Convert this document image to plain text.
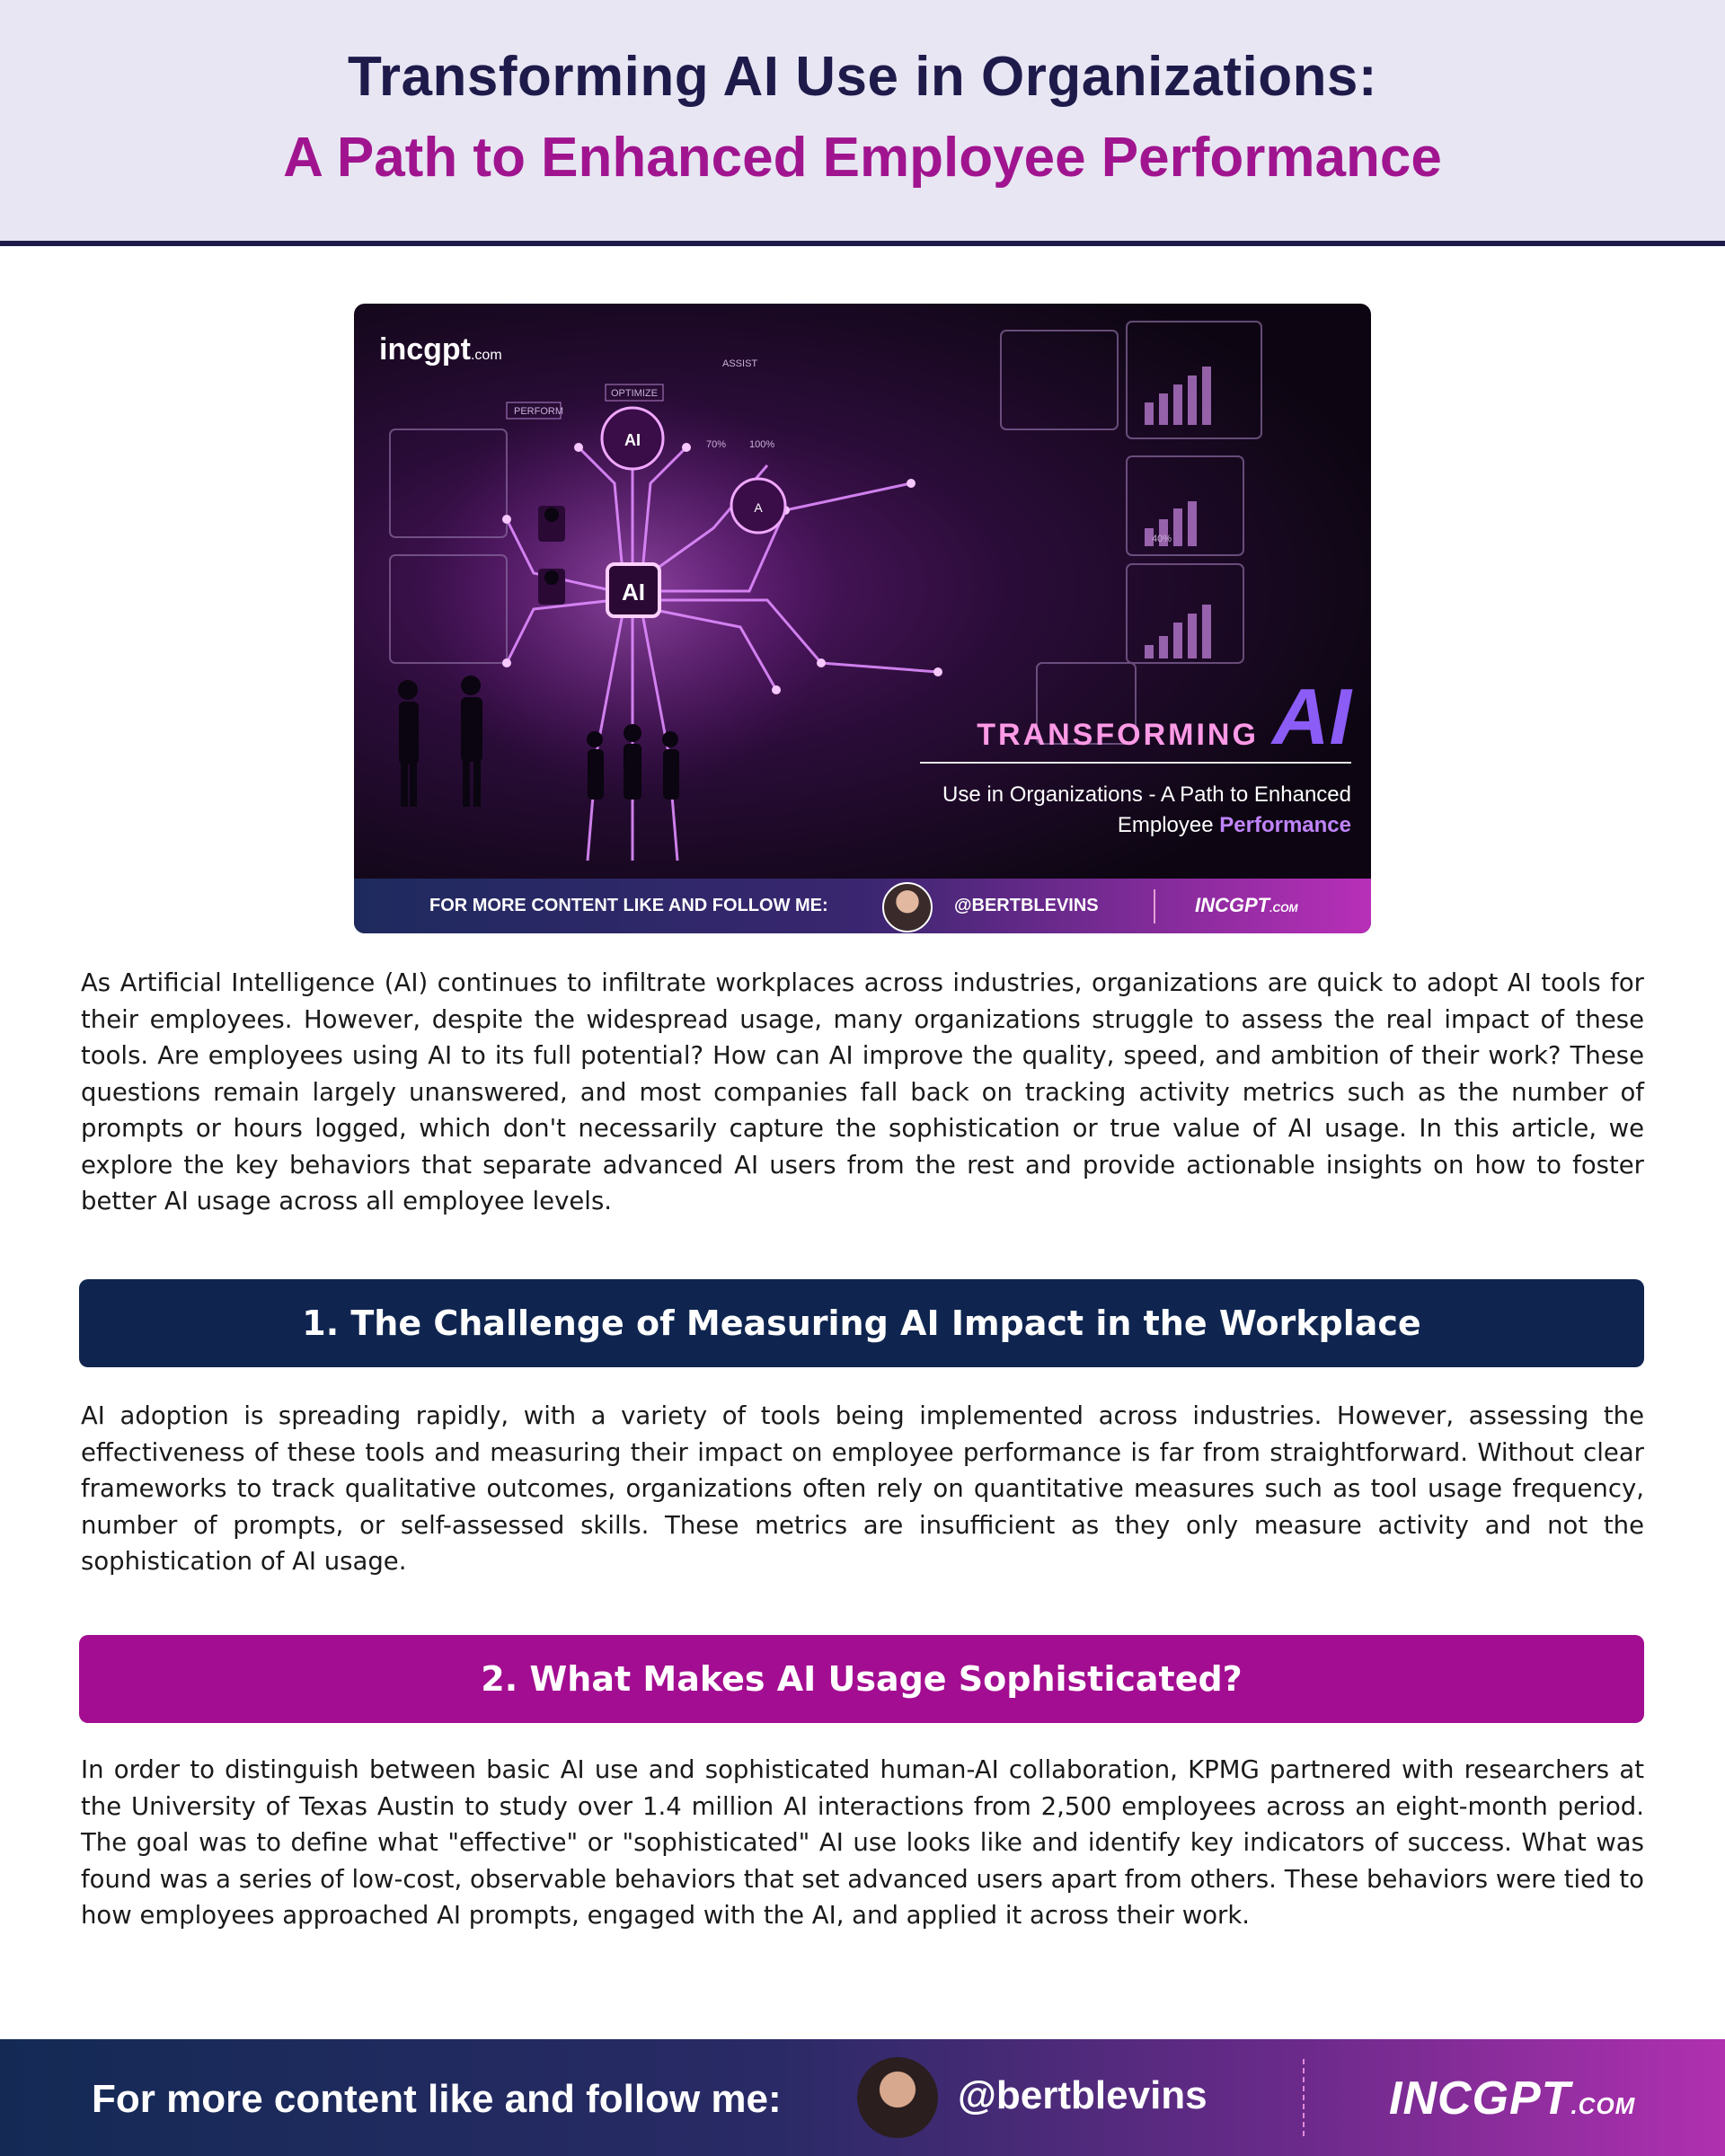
Transforming AI Use in Organizations:
A Path to Enhanced Employee Performance
AI
AI
A
PERFORM
OPTIMIZE
40%
70% 100%
ASSIST
incgpt.com
TRANSFORMING AI
Use in Organizations - A Path to Enhanced
Employee Performance
FOR MORE CONTENT LIKE AND FOLLOW ME:	@BERTBLEVINS	INCGPT.COM
As Artificial Intelligence (AI) continues to infiltrate workplaces across industries, organizations are quick to adopt AI tools for their employees. However, despite the widespread usage, many organizations struggle to assess the real impact of these tools. Are employees using AI to its full potential? How can AI improve the quality, speed, and ambition of their work? These questions remain largely unanswered, and most companies fall back on tracking activity metrics such as the number of prompts or hours logged, which don't necessarily capture the sophistication or true value of AI usage. In this article, we explore the key behaviors that separate advanced AI users from the rest and provide actionable insights on how to foster better AI usage across all employee levels.
1. The Challenge of Measuring AI Impact in the Workplace
AI adoption is spreading rapidly, with a variety of tools being implemented across industries. However, assessing the effectiveness of these tools and measuring their impact on employee performance is far from straightforward. Without clear frameworks to track qualitative outcomes, organizations often rely on quantitative measures such as tool usage frequency, number of prompts, or self-assessed skills. These metrics are insufficient as they only measure activity and not the sophistication of AI usage.
2. What Makes AI Usage Sophisticated?
In order to distinguish between basic AI use and sophisticated human-AI collaboration, KPMG partnered with researchers at the University of Texas Austin to study over 1.4 million AI interactions from 2,500 employees across an eight-month period. The goal was to define what "effective" or "sophisticated" AI use looks like and identify key indicators of success. What was found was a series of low-cost, observable behaviors that set advanced users apart from others. These behaviors were tied to how employees approached AI prompts, engaged with the AI, and applied it across their work.
For more content like and follow me:	@bertblevins	INCGPT.COM
